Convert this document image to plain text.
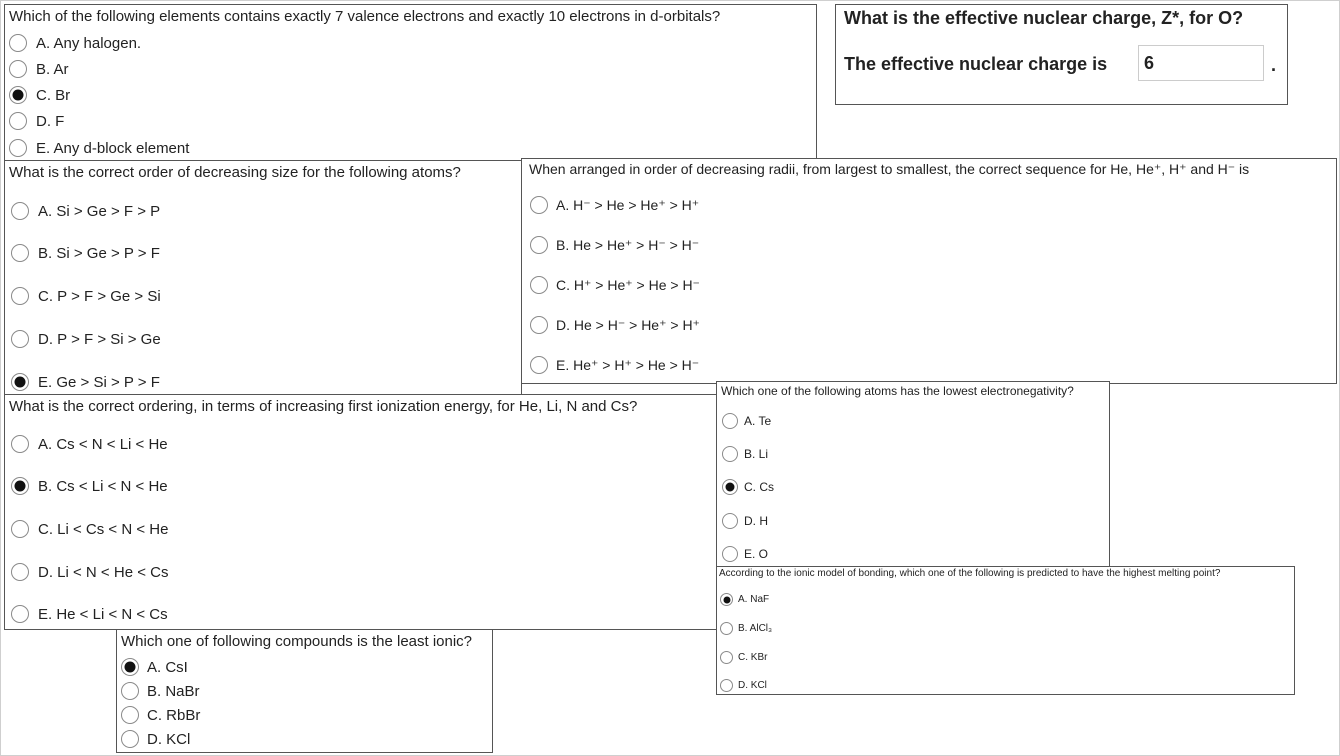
Which of the following elements contains exactly 7 valence electrons and exactly 10 electrons in d-orbitals?
A. Any halogen.
B. Ar
C. Br
D. F
E. Any d-block element
What is the effective nuclear charge, Z*, for O?
The effective nuclear charge is
6	.
What is the correct order of decreasing size for the following atoms?
A. Si > Ge > F > P
B. Si > Ge > P > F
C. P > F > Ge > Si
D. P > F > Si > Ge
E. Ge > Si > P > F
When arranged in order of decreasing radii, from largest to smallest, the correct sequence for He, He⁺, H⁺ and H⁻ is
A. H⁻ > He > He⁺ > H⁺
B. He > He⁺ > H⁻ > H⁻
C. H⁺ > He⁺ > He > H⁻
D. He > H⁻ > He⁺ > H⁺
E. He⁺ > H⁺ > He > H⁻
What is the correct ordering, in terms of increasing first ionization energy, for He, Li, N and Cs?
A. Cs < N < Li < He
B. Cs < Li < N < He
C. Li < Cs < N < He
D. Li < N < He < Cs
E. He < Li < N < Cs
Which one of the following atoms has the lowest electronegativity?
A. Te
B. Li
C. Cs
D. H
E. O
According to the ionic model of bonding, which one of the following is predicted to have the highest melting point?
A. NaF
B. AlCl₃
C. KBr
D. KCl
Which one of following compounds is the least ionic?
A. CsI
B. NaBr
C. RbBr
D. KCl
